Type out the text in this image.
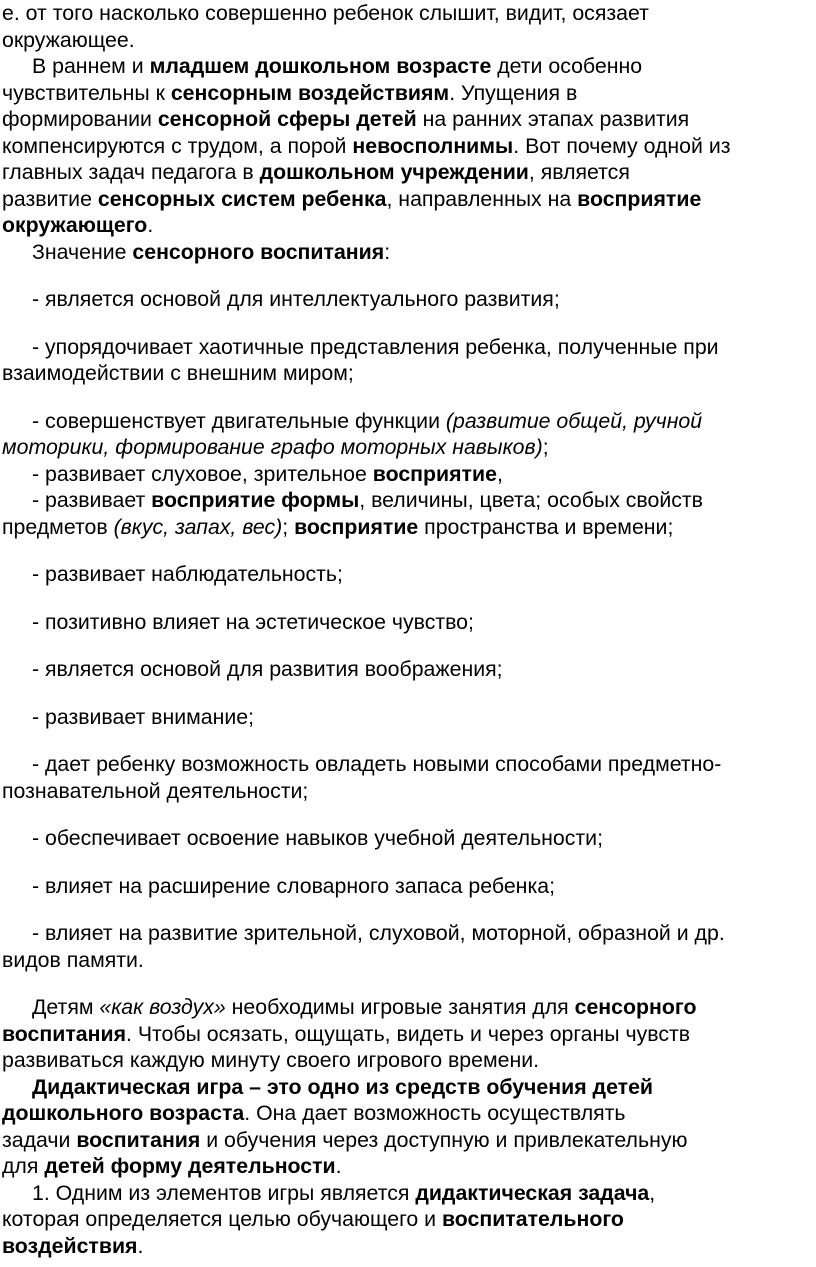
е. от того насколько совершенно ребенок слышит, видит, осязает
окружающее.
В раннем и младшем дошкольном возрасте дети особенно
чувствительны к сенсорным воздействиям. Упущения в
формировании сенсорной сферы детей на ранних этапах развития
компенсируются с трудом, а порой невосполнимы. Вот почему одной из
главных задач педагога в дошкольном учреждении, является
развитие сенсорных систем ребенка, направленных на восприятие
окружающего.
Значение сенсорного воспитания:
- является основой для интеллектуального развития;
- упорядочивает хаотичные представления ребенка, полученные при
взаимодействии с внешним миром;
- совершенствует двигательные функции (развитие общей, ручной
моторики, формирование графо моторных навыков);
- развивает слуховое, зрительное восприятие,
- развивает восприятие формы, величины, цвета; особых свойств
предметов (вкус, запах, вес); восприятие пространства и времени;
- развивает наблюдательность;
- позитивно влияет на эстетическое чувство;
- является основой для развития воображения;
- развивает внимание;
- дает ребенку возможность овладеть новыми способами предметно-
познавательной деятельности;
- обеспечивает освоение навыков учебной деятельности;
- влияет на расширение словарного запаса ребенка;
- влияет на развитие зрительной, слуховой, моторной, образной и др.
видов памяти.
Детям «как воздух» необходимы игровые занятия для сенсорного
воспитания. Чтобы осязать, ощущать, видеть и через органы чувств
развиваться каждую минуту своего игрового времени.
Дидактическая игра – это одно из средств обучения детей
дошкольного возраста. Она дает возможность осуществлять
задачи воспитания и обучения через доступную и привлекательную
для детей форму деятельности.
1. Одним из элементов игры является дидактическая задача,
которая определяется целью обучающего и воспитательного
воздействия.
